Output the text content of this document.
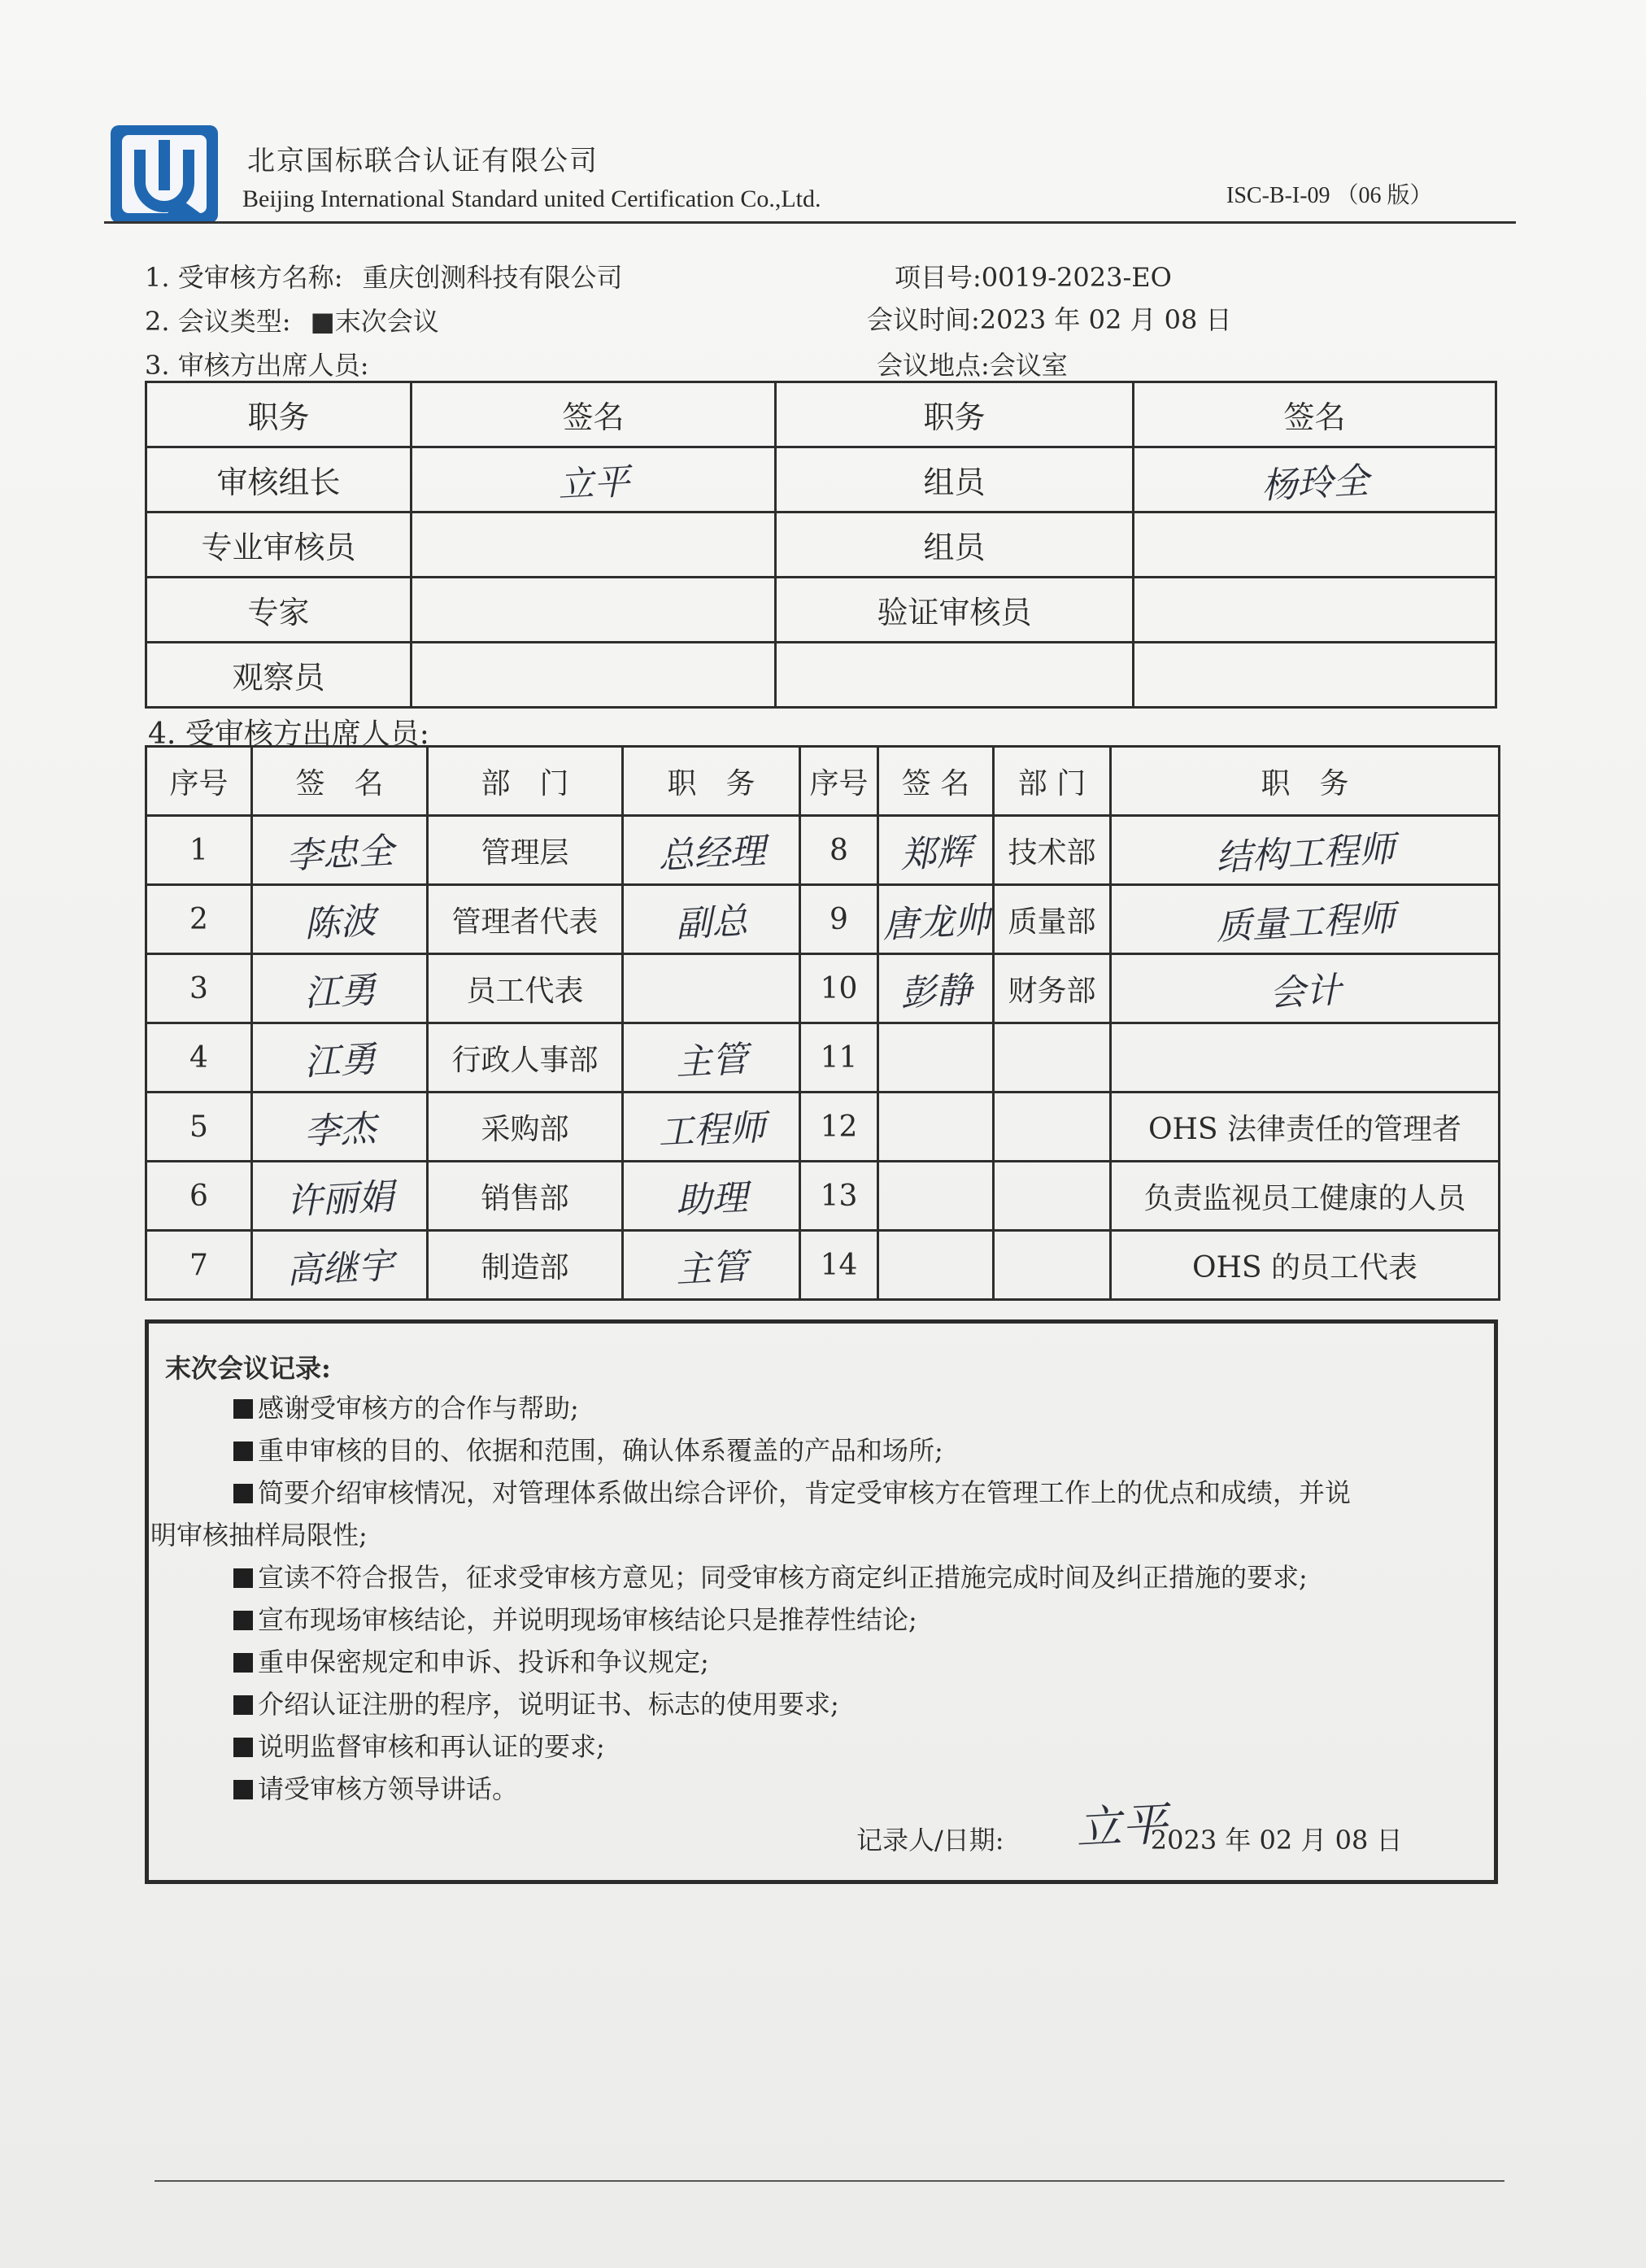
北京国标联合认证有限公司
Beijing International Standard united Certification Co.,Ltd.	ISC-B-I-09 （06 版）
1. 受审核方名称: 重庆创测科技有限公司	项目号:0019-2023-EO
2. 会议类型: ■末次会议	会议时间:2023 年 02 月 08 日
3. 审核方出席人员:	会议地点:会议室
职务	签名	职务	签名
审核组长	立平	组员	杨玲全
专业审核员		组员	
专家		验证审核员	
观察员			
4. 受审核方出席人员:
序号	签　名	部　门	职　务	序号	签 名	部 门	职　务
1	李忠全	管理层	总经理	8	郑辉	技术部	结构工程师
2	陈波	管理者代表	副总	9	唐龙帅	质量部	质量工程师
3	江勇	员工代表		10	彭静	财务部	会计
4	江勇	行政人事部	主管	11			
5	李杰	采购部	工程师	12			OHS 法律责任的管理者
6	许丽娟	销售部	助理	13			负责监视员工健康的人员
7	高继宇	制造部	主管	14			OHS 的员工代表
末次会议记录:
感谢受审核方的合作与帮助;
重申审核的目的、依据和范围，确认体系覆盖的产品和场所;
简要介绍审核情况，对管理体系做出综合评价，肯定受审核方在管理工作上的优点和成绩，并说
明审核抽样局限性;
宣读不符合报告，征求受审核方意见；同受审核方商定纠正措施完成时间及纠正措施的要求;
宣布现场审核结论，并说明现场审核结论只是推荐性结论;
重申保密规定和申诉、投诉和争议规定;
介绍认证注册的程序，说明证书、标志的使用要求;
说明监督审核和再认证的要求;
请受审核方领导讲话。
记录人/日期: 立平
2023 年 02 月 08 日
